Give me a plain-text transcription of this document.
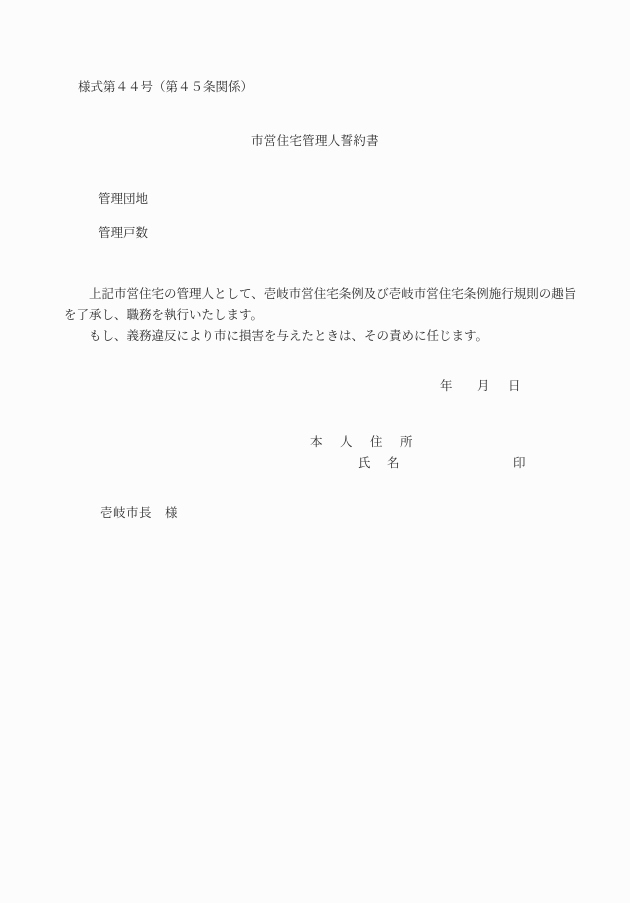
様式第４４号（第４５条関係）
市営住宅管理人誓約書
管理団地
管理戸数
上記市営住宅の管理人として、壱岐市営住宅条例及び壱岐市営住宅条例施行規則の趣旨
を了承し、職務を執行いたします。
もし、義務違反により市に損害を与えたときは、その責めに任じます。
年 月 日
本　人　住　所
氏　名	印
壱岐市長　様
